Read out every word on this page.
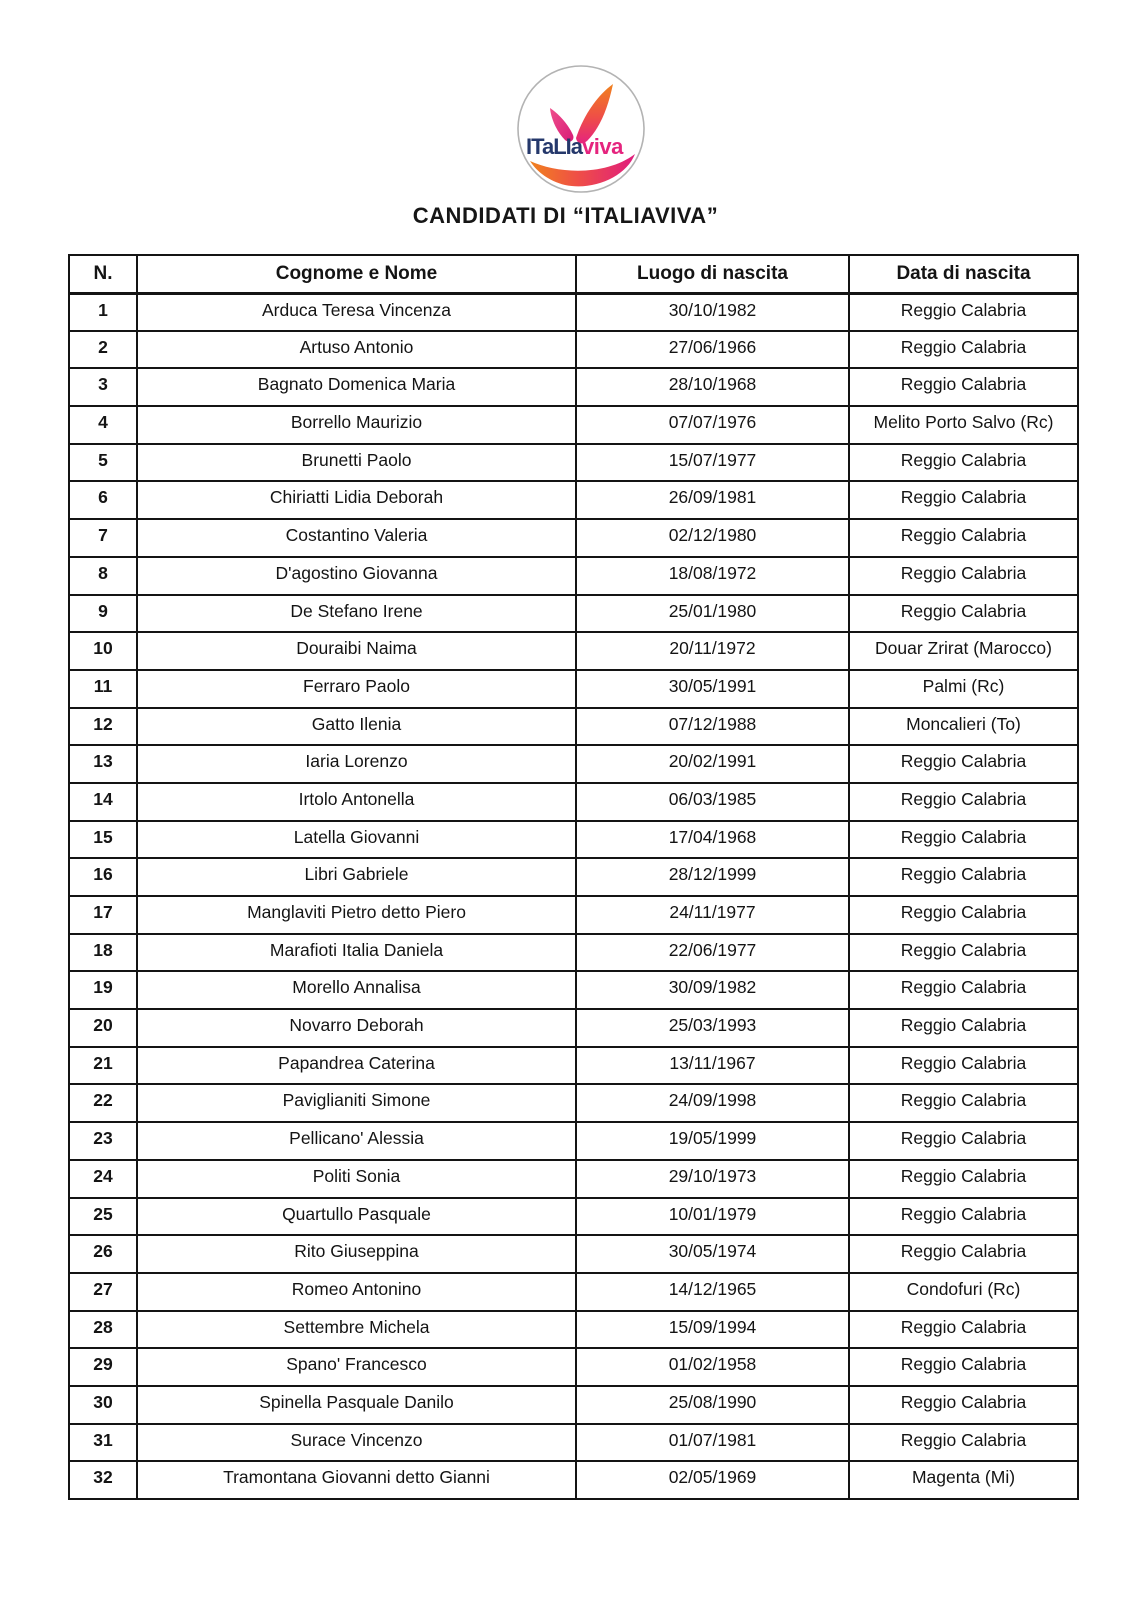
ITaLIa viva
CANDIDATI DI “ITALIAVIVA”
N.	Cognome e Nome	Luogo di nascita	Data di nascita
1	Arduca Teresa Vincenza	30/10/1982	Reggio Calabria
2	Artuso Antonio	27/06/1966	Reggio Calabria
3	Bagnato Domenica Maria	28/10/1968	Reggio Calabria
4	Borrello Maurizio	07/07/1976	Melito Porto Salvo (Rc)
5	Brunetti Paolo	15/07/1977	Reggio Calabria
6	Chiriatti Lidia Deborah	26/09/1981	Reggio Calabria
7	Costantino Valeria	02/12/1980	Reggio Calabria
8	D'agostino Giovanna	18/08/1972	Reggio Calabria
9	De Stefano Irene	25/01/1980	Reggio Calabria
10	Douraibi Naima	20/11/1972	Douar Zrirat (Marocco)
11	Ferraro Paolo	30/05/1991	Palmi (Rc)
12	Gatto Ilenia	07/12/1988	Moncalieri (To)
13	Iaria Lorenzo	20/02/1991	Reggio Calabria
14	Irtolo Antonella	06/03/1985	Reggio Calabria
15	Latella Giovanni	17/04/1968	Reggio Calabria
16	Libri Gabriele	28/12/1999	Reggio Calabria
17	Manglaviti Pietro detto Piero	24/11/1977	Reggio Calabria
18	Marafioti Italia Daniela	22/06/1977	Reggio Calabria
19	Morello Annalisa	30/09/1982	Reggio Calabria
20	Novarro Deborah	25/03/1993	Reggio Calabria
21	Papandrea Caterina	13/11/1967	Reggio Calabria
22	Paviglianiti Simone	24/09/1998	Reggio Calabria
23	Pellicano' Alessia	19/05/1999	Reggio Calabria
24	Politi Sonia	29/10/1973	Reggio Calabria
25	Quartullo Pasquale	10/01/1979	Reggio Calabria
26	Rito Giuseppina	30/05/1974	Reggio Calabria
27	Romeo Antonino	14/12/1965	Condofuri (Rc)
28	Settembre Michela	15/09/1994	Reggio Calabria
29	Spano' Francesco	01/02/1958	Reggio Calabria
30	Spinella Pasquale Danilo	25/08/1990	Reggio Calabria
31	Surace Vincenzo	01/07/1981	Reggio Calabria
32	Tramontana Giovanni detto Gianni	02/05/1969	Magenta (Mi)
